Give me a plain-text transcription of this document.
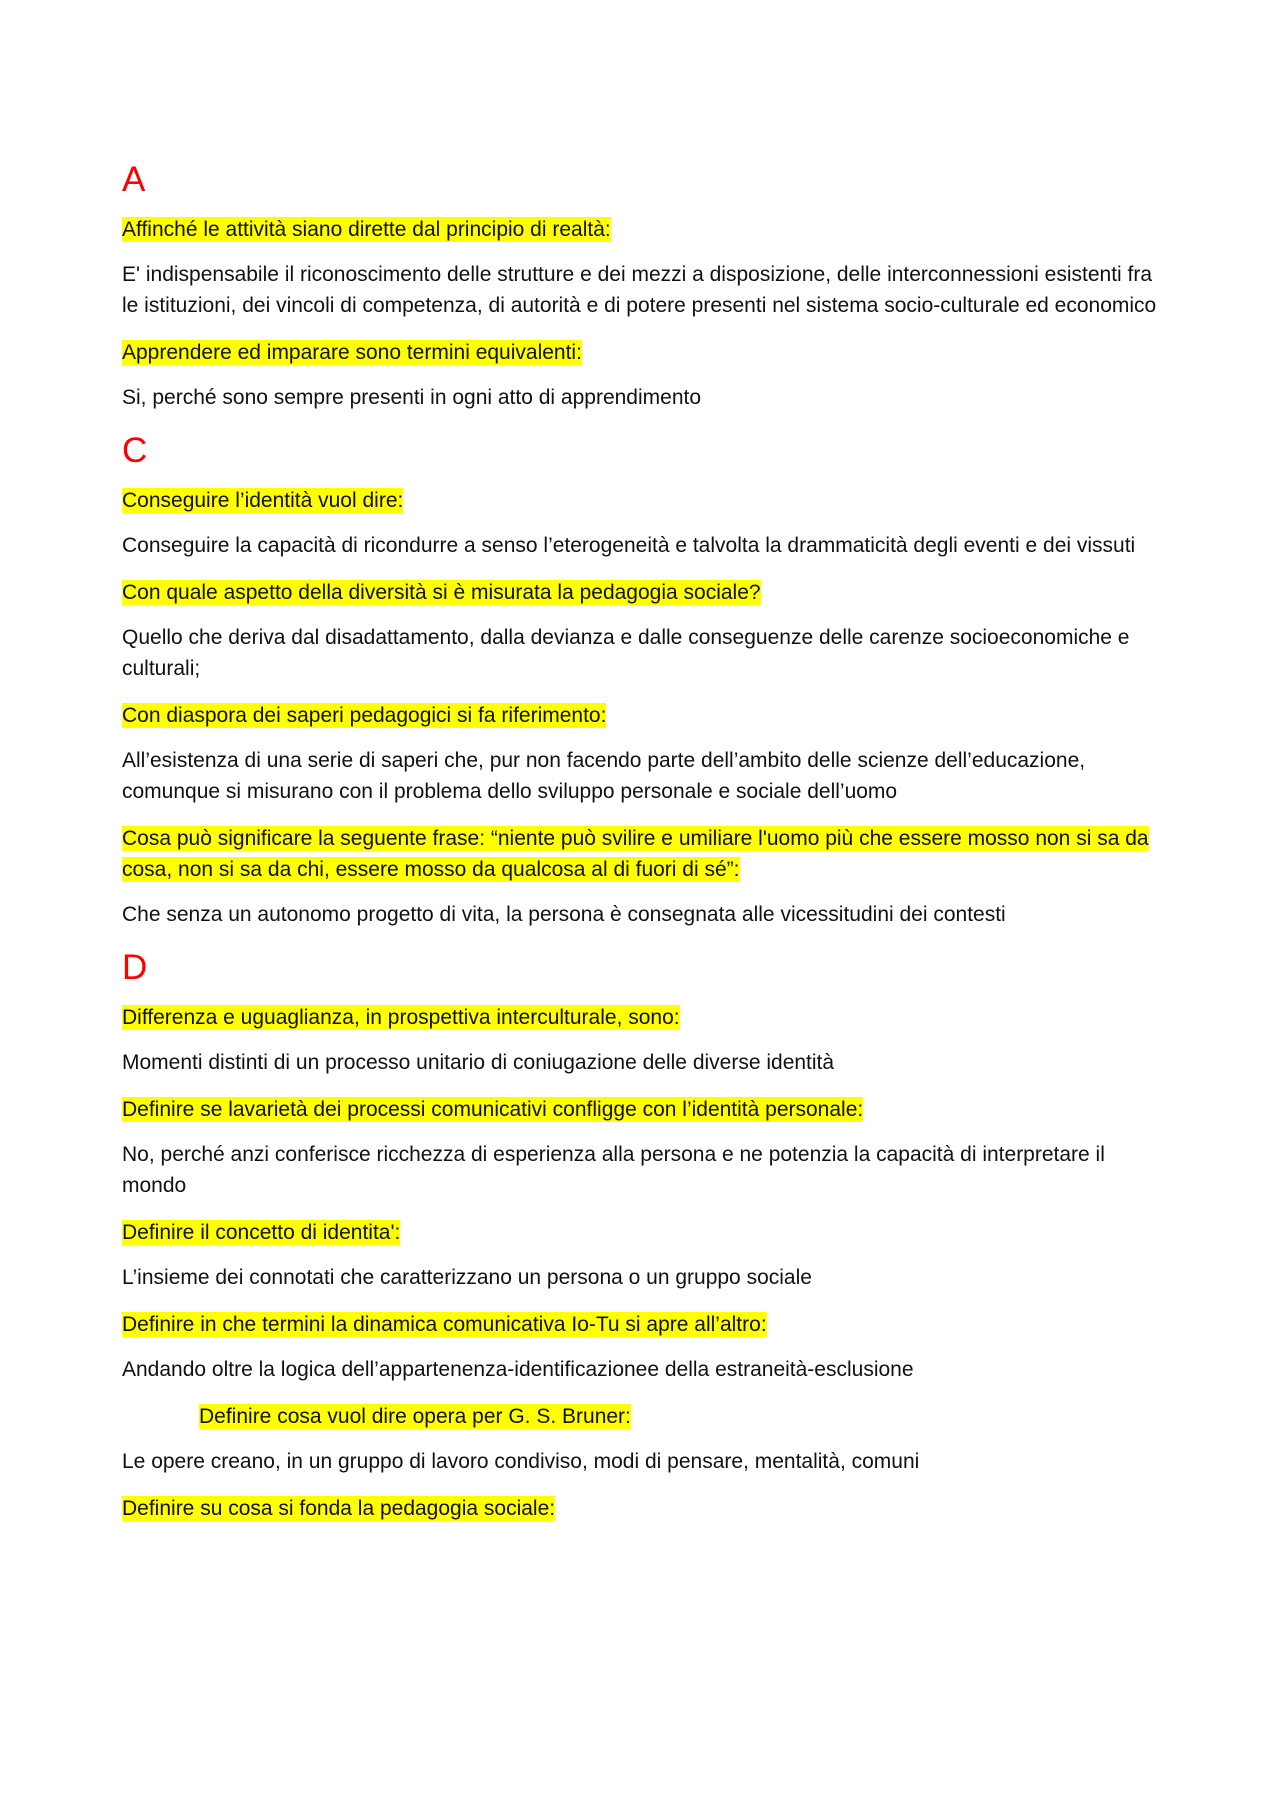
A

Affinché le attività siano dirette dal principio di realtà:

E' indispensabile il riconoscimento delle strutture e dei mezzi a disposizione, delle interconnessioni esistenti fra le istituzioni, dei vincoli di competenza, di autorità e di potere presenti nel sistema socio-culturale ed economico

Apprendere ed imparare sono termini equivalenti:

Si, perché sono sempre presenti in ogni atto di apprendimento

C

Conseguire l’identità vuol dire:

Conseguire la capacità di ricondurre a senso l’eterogeneità e talvolta la drammaticità degli eventi e dei vissuti

Con quale aspetto della diversità si è misurata la pedagogia sociale?

Quello che deriva dal disadattamento, dalla devianza e dalle conseguenze delle carenze socioeconomiche e culturali;

Con diaspora dei saperi pedagogici si fa riferimento:

All’esistenza di una serie di saperi che, pur non facendo parte dell’ambito delle scienze dell’educazione, comunque si misurano con il problema dello sviluppo personale e sociale dell’uomo

Cosa può significare la seguente frase: “niente può svilire e umiliare l'uomo più che essere mosso non si sa da cosa, non si sa da chi, essere mosso da qualcosa al di fuori di sé”:

Che senza un autonomo progetto di vita, la persona è consegnata alle vicessitudini dei contesti

D

Differenza e uguaglianza, in prospettiva interculturale, sono:

Momenti distinti di un processo unitario di coniugazione delle diverse identità

Definire se lavarietà dei processi comunicativi confligge con l’identità personale:

No, perché anzi conferisce ricchezza di esperienza alla persona e ne potenzia la capacità di interpretare il mondo

Definire il concetto di identita':

L’insieme dei connotati che caratterizzano un persona o un gruppo sociale

Definire in che termini la dinamica comunicativa Io-Tu si apre all’altro:

Andando oltre la logica dell’appartenenza-identificazionee della estraneità-esclusione

Definire cosa vuol dire opera per G. S. Bruner:

Le opere creano, in un gruppo di lavoro condiviso, modi di pensare, mentalità, comuni

Definire su cosa si fonda la pedagogia sociale:
